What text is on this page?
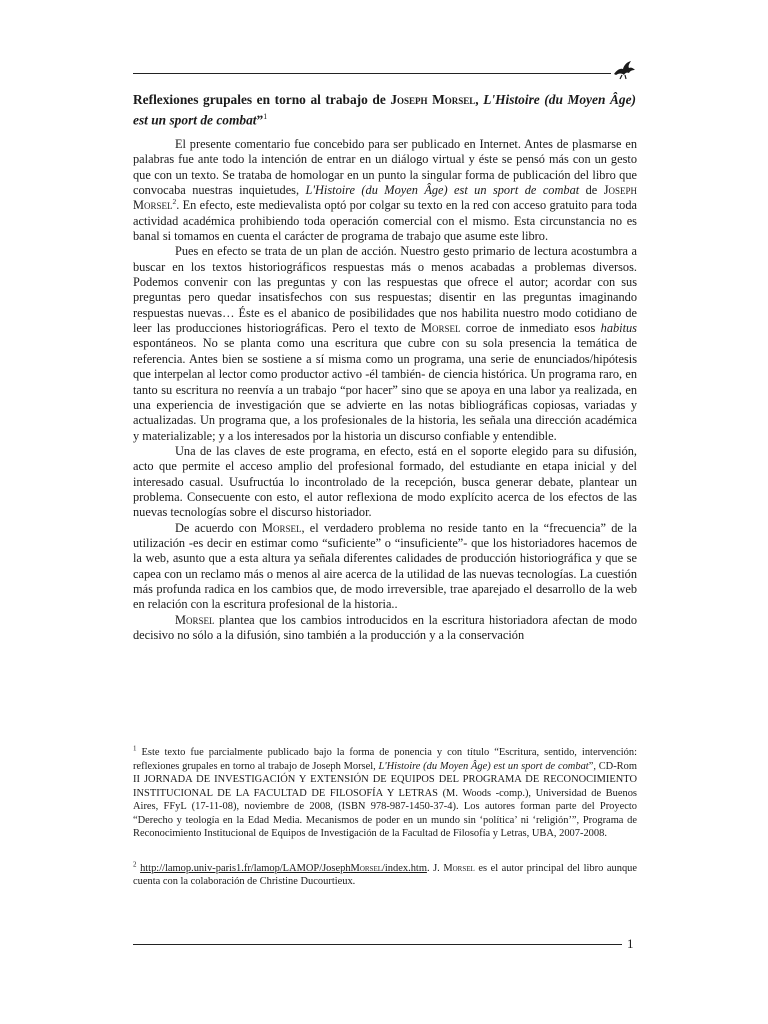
Reflexiones grupales en torno al trabajo de Joseph Morsel, L'Histoire (du Moyen Âge) est un sport de combat”$^1$

El presente comentario fue concebido para ser publicado en Internet. Antes de plasmarse en palabras fue ante todo la intención de entrar en un diálogo virtual y éste se pensó más con un gesto que con un texto. Se trataba de homologar en un punto la singular forma de publicación del libro que convocaba nuestras inquietudes, L'Histoire (du Moyen Âge) est un sport de combat de Joseph Morsel$^2$. En efecto, este medievalista optó por colgar su texto en la red con acceso gratuito para toda actividad académica prohibiendo toda operación comercial con el mismo. Esta circunstancia no es banal si tomamos en cuenta el carácter de programa de trabajo que asume este libro.

Pues en efecto se trata de un plan de acción. Nuestro gesto primario de lectura acostumbra a buscar en los textos historiográficos respuestas más o menos acabadas a problemas diversos. Podemos convenir con las preguntas y con las respuestas que ofrece el autor; acordar con sus preguntas pero quedar insatisfechos con sus respuestas; disentir en las preguntas imaginando respuestas nuevas… Éste es el abanico de posibilidades que nos habilita nuestro modo cotidiano de leer las producciones historiográficas. Pero el texto de Morsel corroe de inmediato esos habitus espontáneos. No se planta como una escritura que cubre con su sola presencia la temática de referencia. Antes bien se sostiene a sí misma como un programa, una serie de enunciados/hipótesis que interpelan al lector como productor activo -él también- de ciencia histórica. Un programa raro, en tanto su escritura no reenvía a un trabajo “por hacer” sino que se apoya en una labor ya realizada, en una experiencia de investigación que se advierte en las notas bibliográficas copiosas, variadas y actualizadas. Un programa que, a los profesionales de la historia, les señala una dirección académica y materializable; y a los interesados por la historia un discurso confiable y entendible.

Una de las claves de este programa, en efecto, está en el soporte elegido para su difusión, acto que permite el acceso amplio del profesional formado, del estudiante en etapa inicial y del interesado casual. Usufructúa lo incontrolado de la recepción, busca generar debate, plantear un problema. Consecuente con esto, el autor reflexiona de modo explícito acerca de los efectos de las nuevas tecnologías sobre el discurso historiador.

De acuerdo con Morsel, el verdadero problema no reside tanto en la “frecuencia” de la utilización -es decir en estimar como “suficiente” o “insuficiente”- que los historiadores hacemos de la web, asunto que a esta altura ya señala diferentes calidades de producción historiográfica y que se capea con un reclamo más o menos al aire acerca de la utilidad de las nuevas tecnologías. La cuestión más profunda radica en los cambios que, de modo irreversible, trae aparejado el desarrollo de la web en relación con la escritura profesional de la historia..

Morsel plantea que los cambios introducidos en la escritura historiadora afectan de modo decisivo no sólo a la difusión, sino también a la producción y a la conservación

$^1$ Este texto fue parcialmente publicado bajo la forma de ponencia y con título “Escritura, sentido, intervención: reflexiones grupales en torno al trabajo de Joseph Morsel, L'Histoire (du Moyen Âge) est un sport de combat”, CD-Rom II JORNADA DE INVESTIGACIÓN Y EXTENSIÓN DE EQUIPOS DEL PROGRAMA DE RECONOCIMIENTO INSTITUCIONAL DE LA FACULTAD DE FILOSOFÍA Y LETRAS (M. Woods -comp.), Universidad de Buenos Aires, FFyL (17-11-08), noviembre de 2008, (ISBN 978-987-1450-37-4). Los autores forman parte del Proyecto “Derecho y teología en la Edad Media. Mecanismos de poder en un mundo sin ‘política’ ni ‘religión’”, Programa de Reconocimiento Institucional de Equipos de Investigación de la Facultad de Filosofía y Letras, UBA, 2007-2008.

$^2$ http://lamop.univ-paris1.fr/lamop/LAMOP/JosephMorsel/index.htm. J. Morsel es el autor principal del libro aunque cuenta con la colaboración de Christine Ducourtieux.

1
